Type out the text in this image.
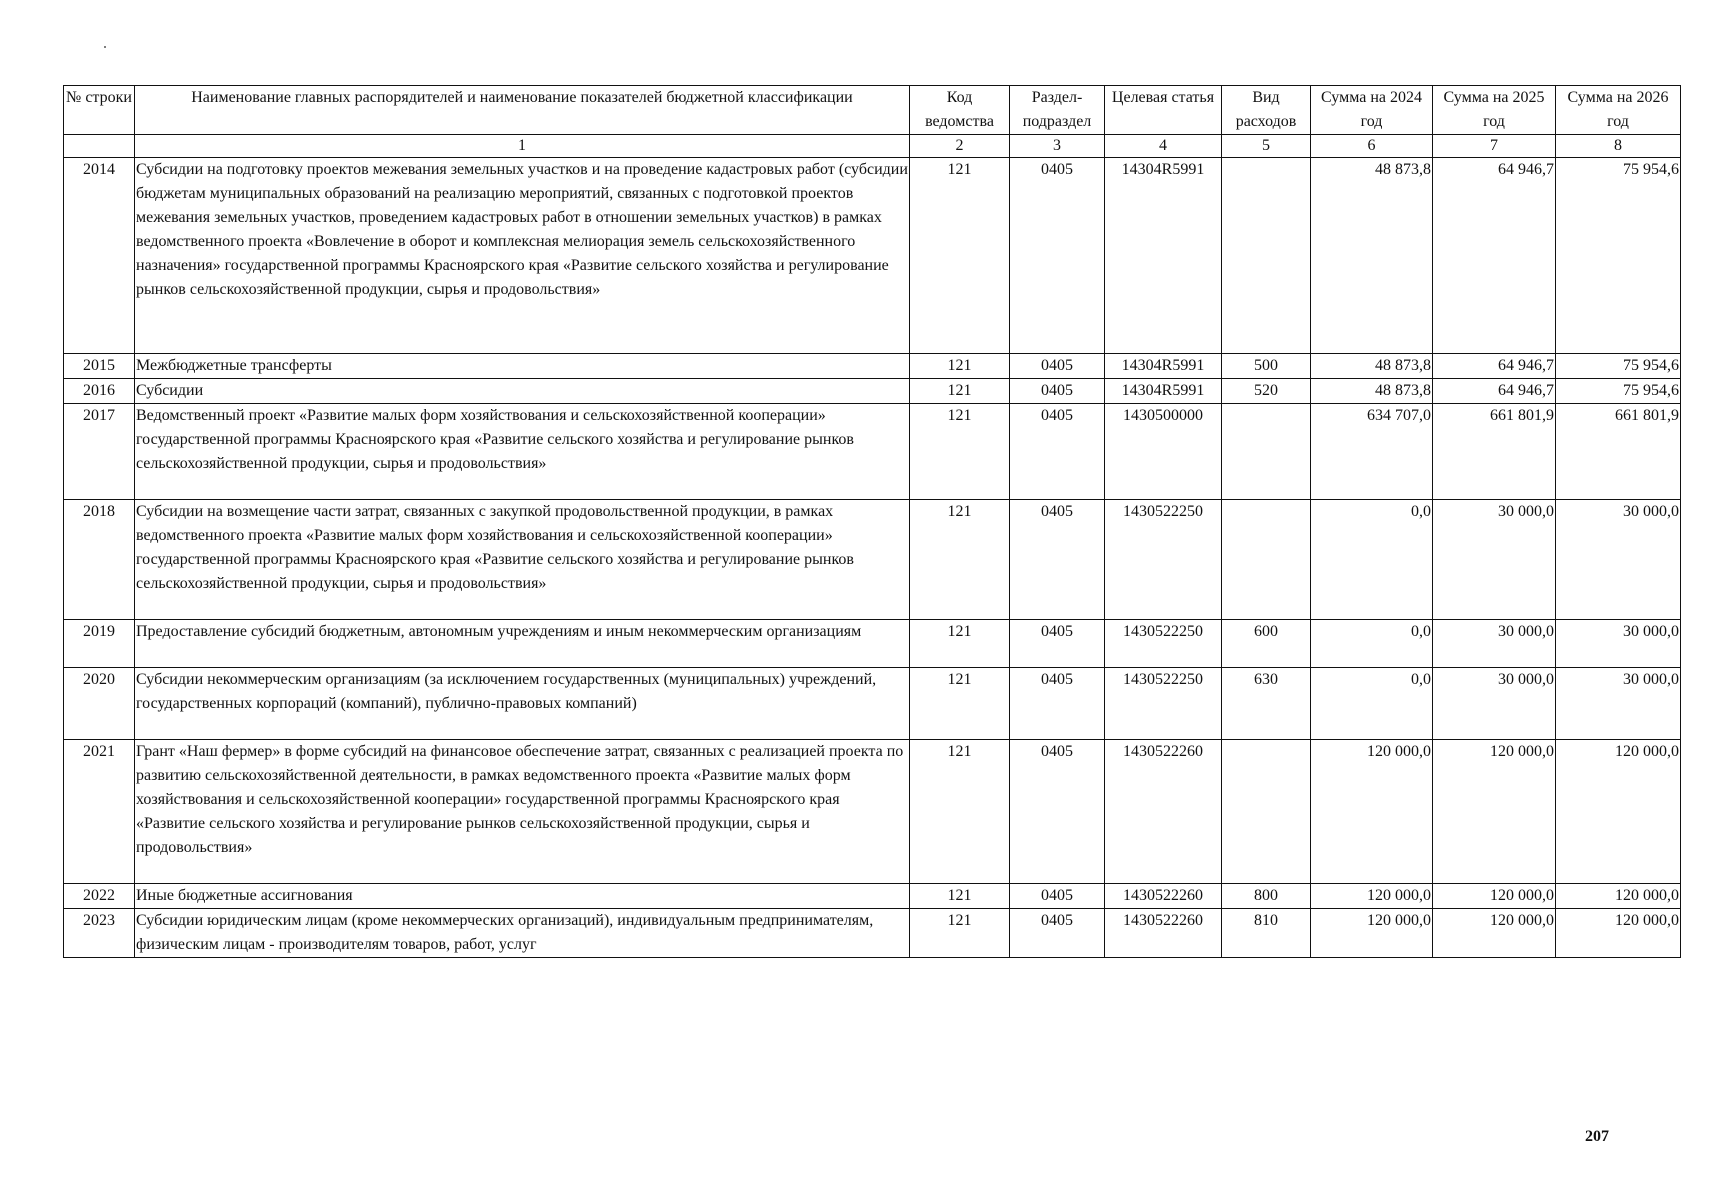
№ строки	Наименование главных распорядителей и наименование показателей бюджетной классификации	Код ведомства	Раздел-подраздел	Целевая статья	Вид расходов	Сумма на 2024 год	Сумма на 2025 год	Сумма на 2026 год
	1	2	3	4	5	6	7	8
2014	Субсидии на подготовку проектов межевания земельных участков и на проведение кадастровых работ (субсидии бюджетам муниципальных образований на реализацию мероприятий, связанных с подготовкой проектов межевания земельных участков, проведением кадастровых работ в отношении земельных участков) в рамках ведомственного проекта «Вовлечение в оборот и комплексная мелиорация земель сельскохозяйственного назначения» государственной программы Красноярского края «Развитие сельского хозяйства и регулирование рынков сельскохозяйственной продукции, сырья и продовольствия»	121	0405	14304R5991		48 873,8	64 946,7	75 954,6
2015	Межбюджетные трансферты	121	0405	14304R5991	500	48 873,8	64 946,7	75 954,6
2016	Субсидии	121	0405	14304R5991	520	48 873,8	64 946,7	75 954,6
2017	Ведомственный проект «Развитие малых форм хозяйствования и сельскохозяйственной кооперации» государственной программы Красноярского края «Развитие сельского хозяйства и регулирование рынков сельскохозяйственной продукции, сырья и продовольствия»	121	0405	1430500000		634 707,0	661 801,9	661 801,9
2018	Субсидии на возмещение части затрат, связанных с закупкой продовольственной продукции, в рамках ведомственного проекта «Развитие малых форм хозяйствования и сельскохозяйственной кооперации» государственной программы Красноярского края «Развитие сельского хозяйства и регулирование рынков сельскохозяйственной продукции, сырья и продовольствия»	121	0405	1430522250		0,0	30 000,0	30 000,0
2019	Предоставление субсидий бюджетным, автономным учреждениям и иным некоммерческим организациям	121	0405	1430522250	600	0,0	30 000,0	30 000,0
2020	Субсидии некоммерческим организациям (за исключением государственных (муниципальных) учреждений, государственных корпораций (компаний), публично-правовых компаний)	121	0405	1430522250	630	0,0	30 000,0	30 000,0
2021	Грант «Наш фермер» в форме субсидий на финансовое обеспечение затрат, связанных с реализацией проекта по развитию сельскохозяйственной деятельности, в рамках ведомственного проекта «Развитие малых форм хозяйствования и сельскохозяйственной кооперации» государственной программы Красноярского края «Развитие сельского хозяйства и регулирование рынков сельскохозяйственной продукции, сырья и продовольствия»	121	0405	1430522260		120 000,0	120 000,0	120 000,0
2022	Иные бюджетные ассигнования	121	0405	1430522260	800	120 000,0	120 000,0	120 000,0
2023	Субсидии юридическим лицам (кроме некоммерческих организаций), индивидуальным предпринимателям, физическим лицам - производителям товаров, работ, услуг	121	0405	1430522260	810	120 000,0	120 000,0	120 000,0
207
